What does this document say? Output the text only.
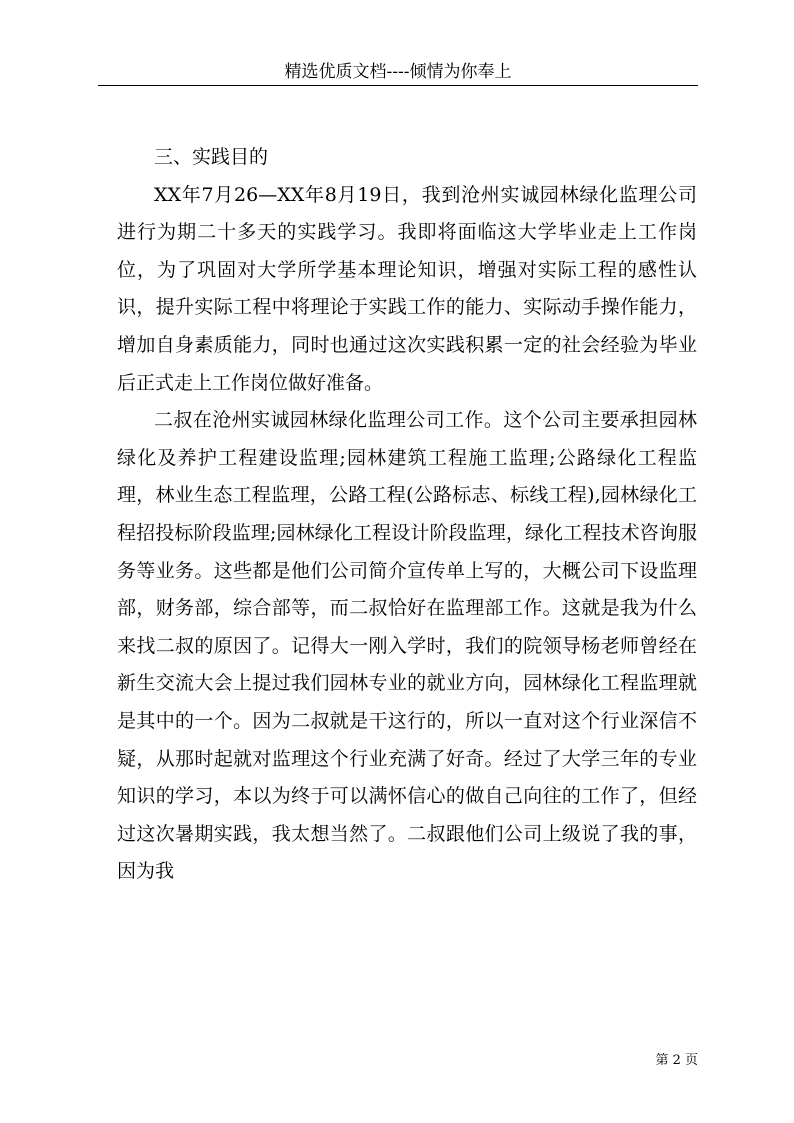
精选优质文档----倾情为你奉上

三、实践目的

XX年7月26—XX年8月19日，我到沧州实诚园林绿化监理公司进行为期二十多天的实践学习。我即将面临这大学毕业走上工作岗位，为了巩固对大学所学基本理论知识，增强对实际工程的感性认识，提升实际工程中将理论于实践工作的能力、实际动手操作能力，增加自身素质能力，同时也通过这次实践积累一定的社会经验为毕业后正式走上工作岗位做好准备。

二叔在沧州实诚园林绿化监理公司工作。这个公司主要承担园林绿化及养护工程建设监理;园林建筑工程施工监理;公路绿化工程监理，林业生态工程监理，公路工程(公路标志、标线工程),园林绿化工程招投标阶段监理;园林绿化工程设计阶段监理，绿化工程技术咨询服务等业务。这些都是他们公司简介宣传单上写的，大概公司下设监理部，财务部，综合部等，而二叔恰好在监理部工作。这就是我为什么来找二叔的原因了。记得大一刚入学时，我们的院领导杨老师曾经在新生交流大会上提过我们园林专业的就业方向，园林绿化工程监理就是其中的一个。因为二叔就是干这行的，所以一直对这个行业深信不疑，从那时起就对监理这个行业充满了好奇。经过了大学三年的专业知识的学习，本以为终于可以满怀信心的做自己向往的工作了，但经过这次暑期实践，我太想当然了。二叔跟他们公司上级说了我的事，因为我

第 2 页
